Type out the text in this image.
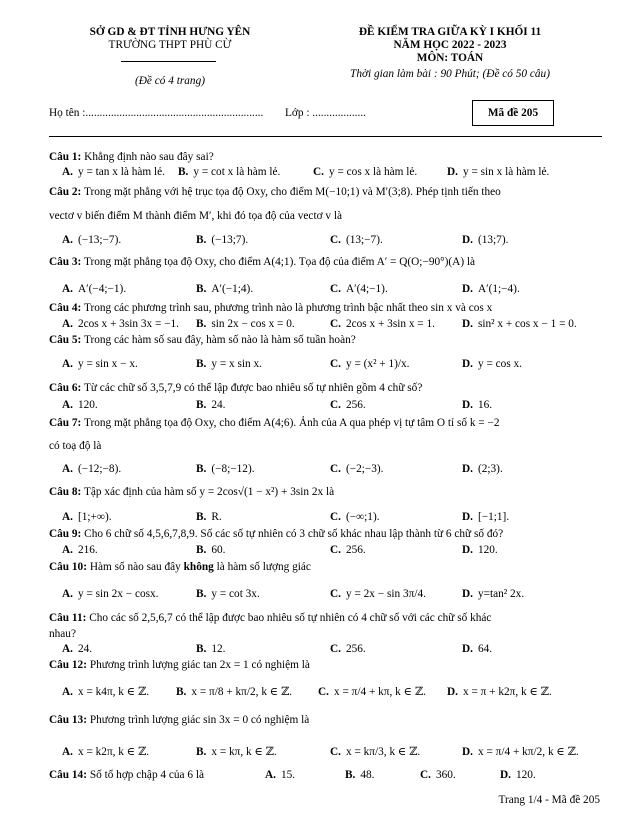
SỞ GD & ĐT TỈNH HƯNG YÊN
TRƯỜNG THPT PHÙ CỪ
(Đề có 4 trang)
ĐỀ KIỂM TRA GIỮA KỲ I KHỐI 11
NĂM HỌC 2022 - 2023
MÔN: TOÁN
Thời gian làm bài : 90 Phút; (Đề có 50 câu)
Họ tên :............................................................... Lớp : ...................	Mã đề 205
Câu 1: Khẳng định nào sau đây sai?
A. y = tan x là hàm lẻ. B. y = cot x là hàm lẻ.	C. y = cos x là hàm lẻ.	D. y = sin x là hàm lẻ.
Câu 2: Trong mặt phẳng với hệ trục tọa độ Oxy, cho điểm M(−10;1) và M′(3;8). Phép tịnh tiến theo
vectơ v biến điểm M thành điểm M′, khi đó tọa độ của vectơ v là
A. (−13;−7).	B. (−13;7).	C. (13;−7).	D. (13;7).
Câu 3: Trong mặt phẳng tọa độ Oxy, cho điểm A(4;1). Tọa độ của điểm A′ = Q(O;−90°)(A) là
A. A′(−4;−1).	B. A′(−1;4).	C. A′(4;−1).	D. A′(1;−4).
Câu 4: Trong các phương trình sau, phương trình nào là phương trình bậc nhất theo sin x và cos x
A. 2cos x + 3sin 3x = −1. B. sin 2x − cos x = 0.	C. 2cos x + 3sin x = 1. D. sin² x + cos x − 1 = 0.
Câu 5: Trong các hàm số sau đây, hàm số nào là hàm số tuần hoàn?
A. y = sin x − x.	B. y = x sin x.	C. y = (x² + 1)/x.	D. y = cos x.
Câu 6: Từ các chữ số 3,5,7,9 có thể lập được bao nhiêu số tự nhiên gồm 4 chữ số?
A. 120.	B. 24.	C. 256.	D. 16.
Câu 7: Trong mặt phẳng tọa độ Oxy, cho điểm A(4;6). Ảnh của A qua phép vị tự tâm O tỉ số k = −2
có toạ độ là
A. (−12;−8).	B. (−8;−12).	C. (−2;−3).	D. (2;3).
Câu 8: Tập xác định của hàm số y = 2cos√(1 − x²) + 3sin 2x là
A. [1;+∞).	B. R.	C. (−∞;1).	D. [−1;1].
Câu 9: Cho 6 chữ số 4,5,6,7,8,9. Số các số tự nhiên có 3 chữ số khác nhau lập thành từ 6 chữ số đó?
A. 216.	B. 60.	C. 256.	D. 120.
Câu 10: Hàm số nào sau đây không là hàm số lượng giác
A. y = sin 2x − cosx.	B. y = cot 3x.	C. y = 2x − sin 3π/4.	D. y=tan² 2x.
Câu 11: Cho các số 2,5,6,7 có thể lập được bao nhiêu số tự nhiên có 4 chữ số với các chữ số khác
nhau?
A. 24.	B. 12.	C. 256.	D. 64.
Câu 12: Phương trình lượng giác tan 2x = 1 có nghiệm là
A. x = k4π, k ∈ ℤ. B. x = π/8 + kπ/2, k ∈ ℤ. C. x = π/4 + kπ, k ∈ ℤ. D. x = π + k2π, k ∈ ℤ.
Câu 13: Phương trình lượng giác sin 3x = 0 có nghiệm là
A. x = k2π, k ∈ ℤ.	B. x = kπ, k ∈ ℤ.	C. x = kπ/3, k ∈ ℤ.	D. x = π/4 + kπ/2, k ∈ ℤ.
Câu 14: Số tổ hợp chập 4 của 6 là	A. 15.	B. 48.	C. 360.	D. 120.
Trang 1/4 - Mã đề 205
